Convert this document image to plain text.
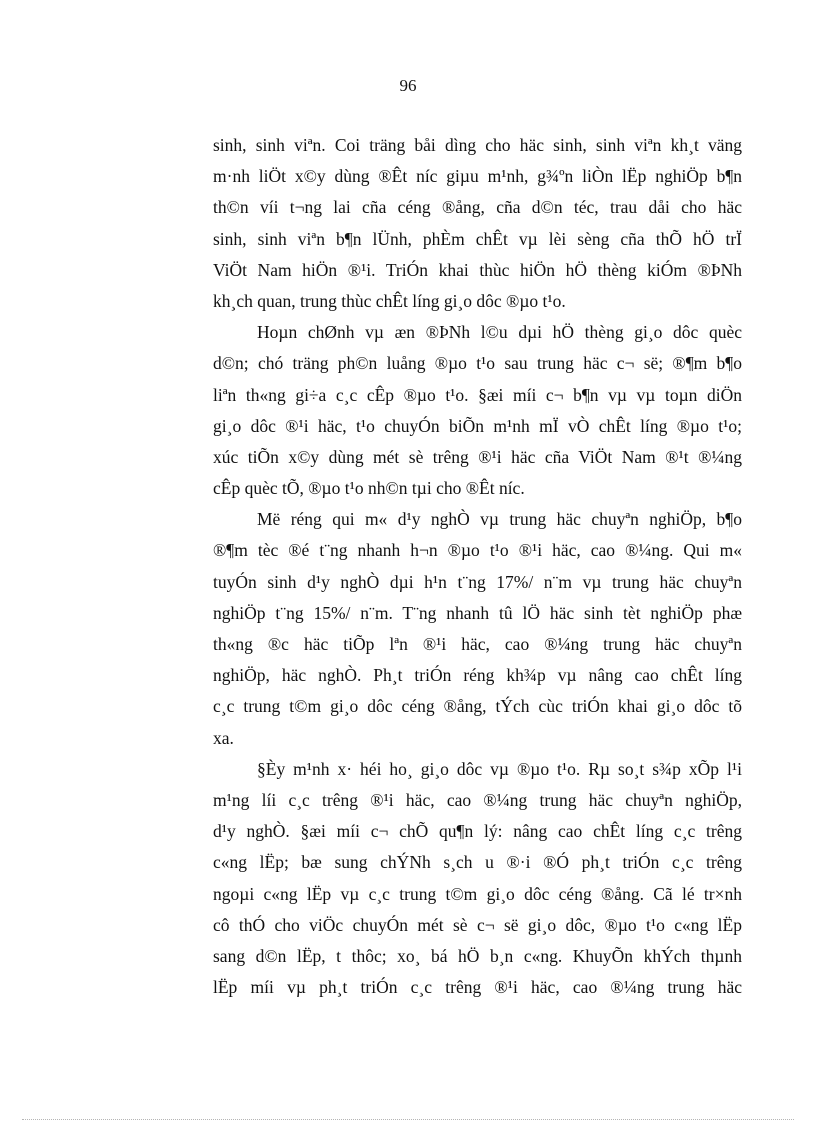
96
sinh, sinh viªn. Coi träng båi dìng cho häc sinh, sinh viªn kh¸t väng
m·nh liÖt x©y dùng ®Êt níc giµu m¹nh, g¾ºn liÒn lËp nghiÖp b¶n
th©n víi t¬ng lai cña céng ®ång, cña d©n téc, trau dåi cho häc
sinh, sinh viªn b¶n lÜnh, phÈm chÊt vµ lèi sèng cña thÕ hÖ trÏ
ViÖt Nam hiÖn ®¹i. TriÓn khai thùc hiÖn hÖ thèng kiÓm ®ÞNh
kh¸ch quan, trung thùc chÊt líng gi¸o dôc ®µo t¹o.
Hoµn chØnh vµ æn ®ÞNh l©u dµi hÖ thèng gi¸o dôc quèc
d©n; chó träng ph©n luång ®µo t¹o sau trung häc c¬ së; ®¶m b¶o
liªn th«ng gi÷a c¸c cÊp ®µo t¹o. §æi míi c¬ b¶n vµ vµ toµn diÖn
gi¸o dôc ®¹i häc, t¹o chuyÓn biÕn m¹nh mÏ vÒ chÊt líng ®µo t¹o;
xúc tiÕn x©y dùng mét sè trêng ®¹i häc cña ViÖt Nam ®¹t ®¼ng
cÊp quèc tÕ, ®µo t¹o nh©n tµi cho ®Êt níc.
Më réng qui m« d¹y nghÒ vµ trung häc chuyªn nghiÖp, b¶o
®¶m tèc ®é t¨ng nhanh h¬n ®µo t¹o ®¹i häc, cao ®¼ng. Qui m«
tuyÓn sinh d¹y nghÒ dµi h¹n t¨ng 17%/ n¨m vµ trung häc chuyªn
nghiÖp t¨ng 15%/ n¨m. T¨ng nhanh tû lÖ häc sinh tèt nghiÖp phæ
th«ng ®c häc tiÕp lªn ®¹i häc, cao ®¼ng trung häc chuyªn
nghiÖp, häc nghÒ. Ph¸t triÓn réng kh¾p vµ nâng cao chÊt líng
c¸c trung t©m gi¸o dôc céng ®ång, tÝch cùc triÓn khai gi¸o dôc tõ
xa.
§Èy m¹nh x· héi ho¸ gi¸o dôc vµ ®µo t¹o. Rµ so¸t s¾p xÕp l¹i
m¹ng líi c¸c trêng ®¹i häc, cao ®¼ng trung häc chuyªn nghiÖp,
d¹y nghÒ. §æi míi c¬ chÕ qu¶n lý: nâng cao chÊt líng c¸c trêng
c«ng lËp; bæ sung chÝNh s¸ch u ®·i ®Ó ph¸t triÓn c¸c trêng
ngoµi c«ng lËp vµ c¸c trung t©m gi¸o dôc céng ®ång. Cã lé tr×nh
cô thÓ cho viÖc chuyÓn mét sè c¬ së gi¸o dôc, ®µo t¹o c«ng lËp
sang d©n lËp, t thôc; xo¸ bá hÖ b¸n c«ng. KhuyÕn khÝch thµnh
lËp míi vµ ph¸t triÓn c¸c trêng ®¹i häc, cao ®¼ng trung häc
